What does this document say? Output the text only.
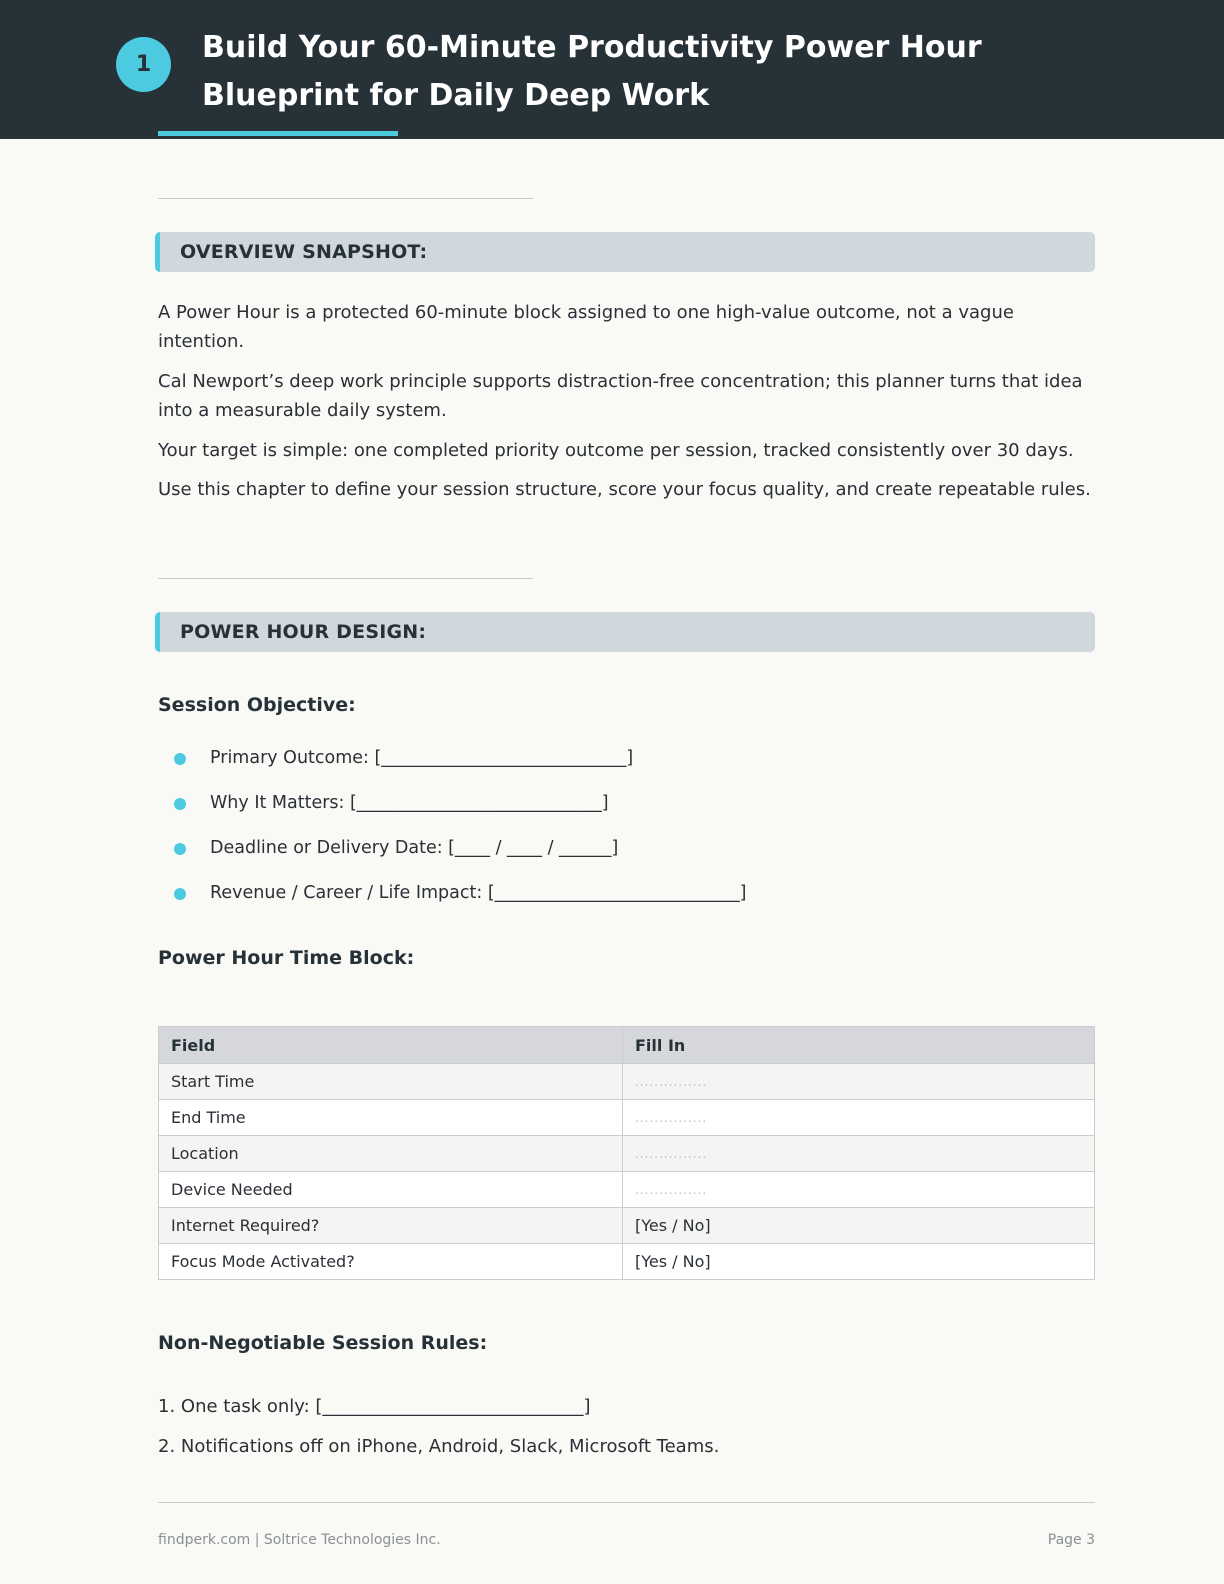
1	Build Your 60-Minute Productivity Power Hour Blueprint for Daily Deep Work
OVERVIEW SNAPSHOT:

A Power Hour is a protected 60-minute block assigned to one high-value outcome, not a vague intention.

Cal Newport’s deep work principle supports distraction-free concentration; this planner turns that idea into a measurable daily system.

Your target is simple: one completed priority outcome per session, tracked consistently over 30 days.

Use this chapter to define your session structure, score your focus quality, and create repeatable rules.

POWER HOUR DESIGN:
Session Objective:
Primary Outcome: [____________________________]
Why It Matters: [____________________________]
Deadline or Delivery Date: [____ / ____ / ______]
Revenue / Career / Life Impact: [____________________________]
Power Hour Time Block:
Field	Fill In
Start Time	...............
End Time	...............
Location	...............
Device Needed	...............
Internet Required?	[Yes / No]
Focus Mode Activated?	[Yes / No]
Non-Negotiable Session Rules:
1. One task only: [_____________________________]
2. Notifications off on iPhone, Android, Slack, Microsoft Teams.
findperk.com | Soltrice Technologies Inc.	Page 3
